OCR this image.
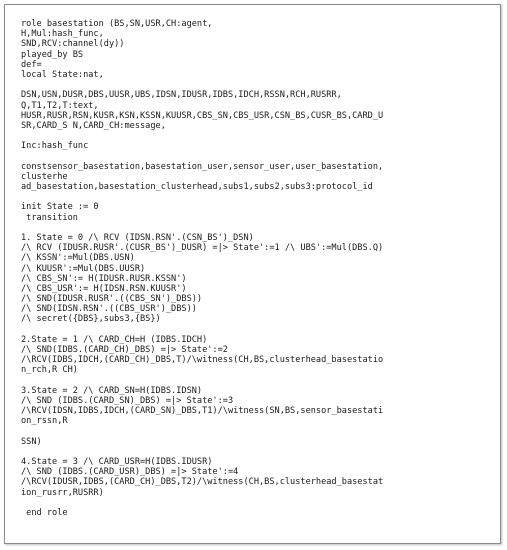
role basestation (BS,SN,USR,CH:agent,
H,Mul:hash_func,
SND,RCV:channel(dy))
played_by BS
def=
local State:nat,

DSN,USN,DUSR,DBS,UUSR,UBS,IDSN,IDUSR,IDBS,IDCH,RSSN,RCH,RUSRR,
Q,T1,T2,T:text,
HUSR,RUSR,RSN,KUSR,KSN,KSSN,KUUSR,CBS_SN,CBS_USR,CSN_BS,CUSR_BS,CARD_U
SR,CARD_S N,CARD_CH:message,

Inc:hash_func

constsensor_basestation,basestation_user,sensor_user,user_basestation,
clusterhe
ad_basestation,basestation_clusterhead,subs1,subs2,subs3:protocol_id

init State := 0
transition

1. State = 0 /\ RCV (IDSN.RSN'.(CSN_BS')_DSN)
/\ RCV (IDUSR.RUSR'.(CUSR_BS')_DUSR) =|> State':=1 /\ UBS':=Mul(DBS.Q)
/\ KSSN':=Mul(DBS.USN)
/\ KUUSR':=Mul(DBS.UUSR)
/\ CBS_SN':= H(IDUSR.RUSR.KSSN')
/\ CBS_USR':= H(IDSN.RSN.KUUSR')
/\ SND(IDUSR.RUSR'.((CBS_SN')_DBS))
/\ SND(IDSN.RSN'.((CBS_USR')_DBS))
/\ secret({DBS},subs3,{BS})

2.State = 1 /\ CARD_CH=H (IDBS.IDCH)
/\ SND(IDBS.(CARD_CH)_DBS) =|> State':=2
/\RCV(IDBS,IDCH,(CARD_CH)_DBS,T)/\witness(CH,BS,clusterhead_basestatio
n_rch,R CH)

3.State = 2 /\ CARD_SN=H(IDBS.IDSN)
/\ SND (IDBS.(CARD_SN)_DBS) =|> State':=3
/\RCV(IDSN,IDBS,IDCH,(CARD_SN)_DBS,T1)/\witness(SN,BS,sensor_basestati
on_rssn,R

SSN)

4.State = 3 /\ CARD_USR=H(IDBS.IDUSR)
/\ SND (IDBS.(CARD_USR)_DBS) =|> State':=4
/\RCV(IDUSR,IDBS,(CARD_CH)_DBS,T2)/\witness(CH,BS,clusterhead_basestat
ion_rusrr,RUSRR)

end role
